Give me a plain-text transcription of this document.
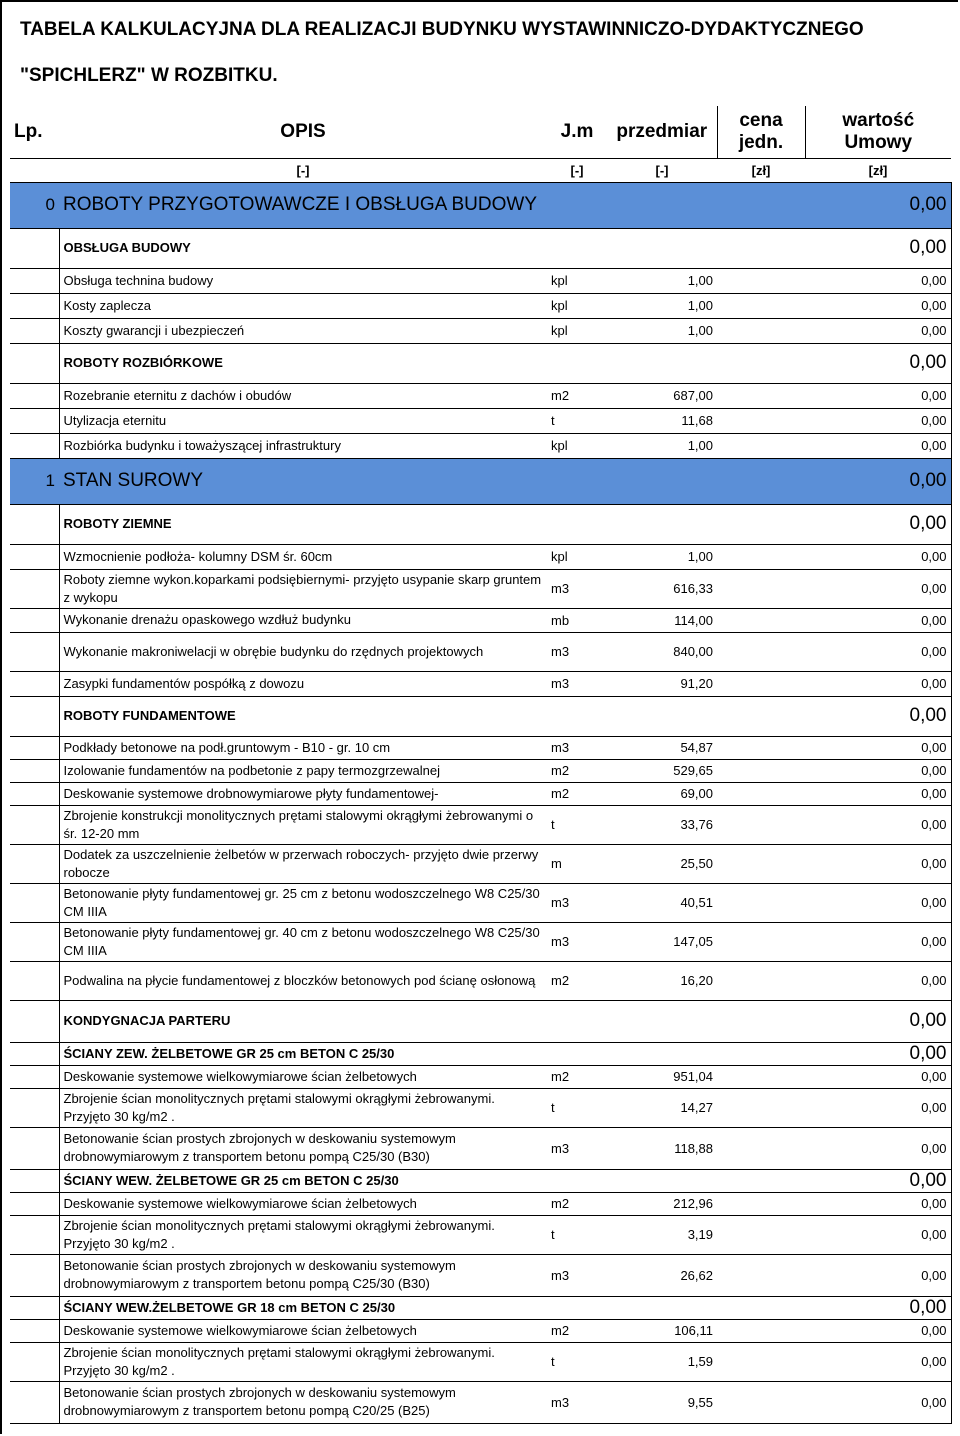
TABELA KALKULACYJNA DLA REALIZACJI BUDYNKU WYSTAWINNICZO-DYDAKTYCZNEGO
"SPICHLERZ" W ROZBITKU.
Lp.	OPIS	J.m	przedmiar	cena jedn.	wartość Umowy
	[-]	[-]	[-]	[zł]	[zł]
0	ROBOTY PRZYGOTOWAWCZE I OBSŁUGA BUDOWY				0,00
	OBSŁUGA BUDOWY				0,00
	Obsługa technina budowy	kpl	1,00		0,00
	Kosty zaplecza	kpl	1,00		0,00
	Koszty gwarancji i ubezpieczeń	kpl	1,00		0,00
	ROBOTY ROZBIÓRKOWE				0,00
	Rozebranie eternitu z dachów i obudów	m2	687,00		0,00
	Utylizacja eternitu	t	11,68		0,00
	Rozbiórka budynku i toważyszącej infrastruktury	kpl	1,00		0,00
1	STAN SUROWY				0,00
	ROBOTY ZIEMNE				0,00
	Wzmocnienie podłoża- kolumny DSM śr. 60cm	kpl	1,00		0,00
	Roboty ziemne wykon.koparkami podsiębiernymi- przyjęto usypanie skarp gruntem z wykopu	m3	616,33		0,00
	Wykonanie drenażu opaskowego wzdłuż budynku	mb	114,00		0,00
	Wykonanie makroniwelacji w obrębie budynku do rzędnych projektowych	m3	840,00		0,00
	Zasypki fundamentów pospółką z dowozu	m3	91,20		0,00
	ROBOTY FUNDAMENTOWE				0,00
	Podkłady betonowe na podł.gruntowym - B10 - gr. 10 cm	m3	54,87		0,00
	Izolowanie fundamentów na podbetonie z papy termozgrzewalnej	m2	529,65		0,00
	Deskowanie systemowe drobnowymiarowe płyty fundamentowej-	m2	69,00		0,00
	Zbrojenie konstrukcji monolitycznych prętami stalowymi okrągłymi żebrowanymi o śr. 12-20 mm	t	33,76		0,00
	Dodatek za uszczelnienie żelbetów w przerwach roboczych- przyjęto dwie przerwy robocze	m	25,50		0,00
	Betonowanie płyty fundamentowej gr. 25 cm z betonu wodoszczelnego W8 C25/30 CM IIIA	m3	40,51		0,00
	Betonowanie płyty fundamentowej gr. 40 cm z betonu wodoszczelnego W8 C25/30 CM IIIA	m3	147,05		0,00
	Podwalina na płycie fundamentowej z bloczków betonowych pod ścianę osłonową	m2	16,20		0,00
	KONDYGNACJA PARTERU				0,00
	ŚCIANY ZEW. ŻELBETOWE GR 25 cm BETON C 25/30				0,00
	Deskowanie systemowe wielkowymiarowe ścian żelbetowych	m2	951,04		0,00
	Zbrojenie ścian monolitycznych prętami stalowymi okrągłymi żebrowanymi. Przyjęto 30 kg/m2 .	t	14,27		0,00
	Betonowanie ścian prostych zbrojonych w deskowaniu systemowym drobnowymiarowym z transportem betonu pompą C25/30 (B30)	m3	118,88		0,00
	ŚCIANY WEW. ŻELBETOWE GR 25 cm BETON C 25/30				0,00
	Deskowanie systemowe wielkowymiarowe ścian żelbetowych	m2	212,96		0,00
	Zbrojenie ścian monolitycznych prętami stalowymi okrągłymi żebrowanymi. Przyjęto 30 kg/m2 .	t	3,19		0,00
	Betonowanie ścian prostych zbrojonych w deskowaniu systemowym drobnowymiarowym z transportem betonu pompą C25/30 (B30)	m3	26,62		0,00
	ŚCIANY WEW.ŻELBETOWE GR 18 cm BETON C 25/30				0,00
	Deskowanie systemowe wielkowymiarowe ścian żelbetowych	m2	106,11		0,00
	Zbrojenie ścian monolitycznych prętami stalowymi okrągłymi żebrowanymi. Przyjęto 30 kg/m2 .	t	1,59		0,00
	Betonowanie ścian prostych zbrojonych w deskowaniu systemowym drobnowymiarowym z transportem betonu pompą C20/25 (B25)	m3	9,55		0,00
